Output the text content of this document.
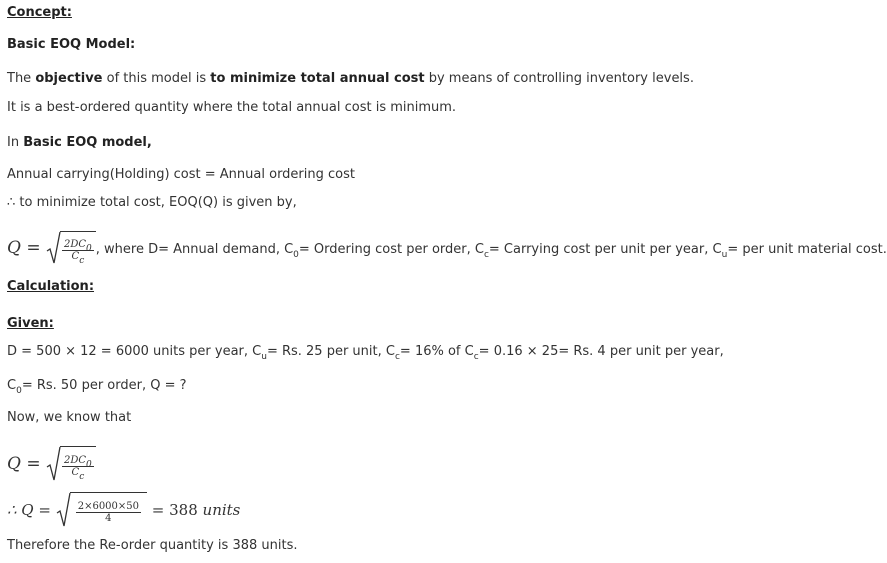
Concept:
Basic EOQ Model:
The objective of this model is to minimize total annual cost by means of controlling inventory levels.
It is a best-ordered quantity where the total annual cost is minimum.
In Basic EOQ model,
Annual carrying(Holding) cost = Annual ordering cost
∴ to minimize total cost, EOQ(Q) is given by,
$Q = \frac{2DC_0}{C_c}$ , where D= Annual demand, $C_0=$ Ordering cost per order, $C_c=$ Carrying cost per unit per year, $C_u=$ per unit material cost.
Calculation:
Given:
D = 500 × 12 = 6000 units per year, $C_u= Rs$. 25 per unit, $C_c= 16\%$ of $C_c= 0.16 \times 25= Rs$. 4 per unit per year,
$C_0= Rs$. 50 per order, Q = ?
Now, we know that
$Q = \frac{2DC_0}{C_c}$
∴ $Q = \frac{2\times 6000\times 50}{4} = 388$ units
Therefore the Re-order quantity is 388 units.
